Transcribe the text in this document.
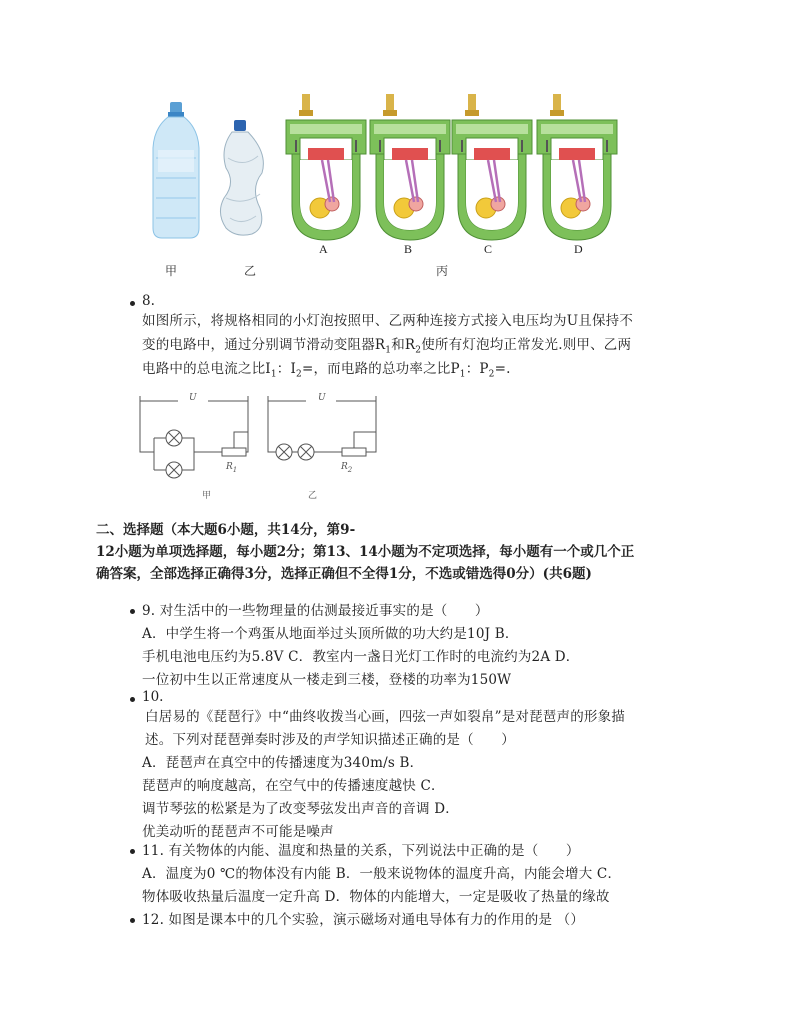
A	B	C	D
甲	乙	丙
8.
如图所示，将规格相同的小灯泡按照甲、乙两种连接方式接入电压均为U且保持不
变的电路中，通过分别调节滑动变阻器$R_1$和$R_2$使所有灯泡均正常发光.则甲、乙两
电路中的总电流之比$I_1$：$I_2=$，而电路的总功率之比$P_1$：$P_2=$.
U	U
$R_1$	$R_2$
甲	乙
二、选择题（本大题6小题，共14分，第9-
12小题为单项选择题，每小题2分；第13、14小题为不定项选择，每小题有一个或几个正
确答案，全部选择正确得3分，选择正确但不全得1分，不选或错选得0分）(共6题)
9. 对生活中的一些物理量的估测最接近事实的是（　　）
A．中学生将一个鸡蛋从地面举过头顶所做的功大约是10J B．
手机电池电压约为5.8V C．教室内一盏日光灯工作时的电流约为2A D．
一位初中生以正常速度从一楼走到三楼，登楼的功率为150W
10.
白居易的《琵琶行》中“曲终收拨当心画，四弦一声如裂帛”是对琵琶声的形象描
述。下列对琵琶弹奏时涉及的声学知识描述正确的是（　　）
A．琵琶声在真空中的传播速度为340m/s B．
琵琶声的响度越高，在空气中的传播速度越快 C．
调节琴弦的松紧是为了改变琴弦发出声音的音调 D．
优美动听的琵琶声不可能是噪声
11. 有关物体的内能、温度和热量的关系，下列说法中正确的是（　　）
A．温度为0 ℃的物体没有内能 B．一般来说物体的温度升高，内能会增大 C．
物体吸收热量后温度一定升高 D．物体的内能增大，一定是吸收了热量的缘故
12. 如图是课本中的几个实验，演示磁场对通电导体有力的作用的是 （）
